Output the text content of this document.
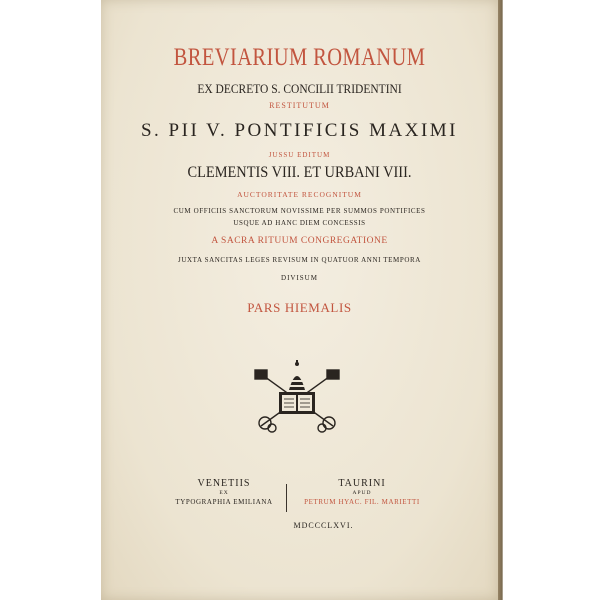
BREVIARIUM ROMANUM
EX DECRETO S. CONCILII TRIDENTINI
RESTITUTUM
S. PII V. PONTIFICIS MAXIMI
JUSSU EDITUM
CLEMENTIS VIII. ET URBANI VIII.
AUCTORITATE RECOGNITUM
CUM OFFICIIS SANCTORUM NOVISSIME PER SUMMOS PONTIFICES
USQUE AD HANC DIEM CONCESSIS
A SACRA RITUUM CONGREGATIONE
JUXTA SANCITAS LEGES REVISUM IN QUATUOR ANNI TEMPORA
DIVISUM
PARS HIEMALIS
VENETIIS
EX
TYPOGRAPHIA EMILIANA
TAURINI
APUD
PETRUM HYAC. FIL. MARIETTI
MDCCCLXVI.
